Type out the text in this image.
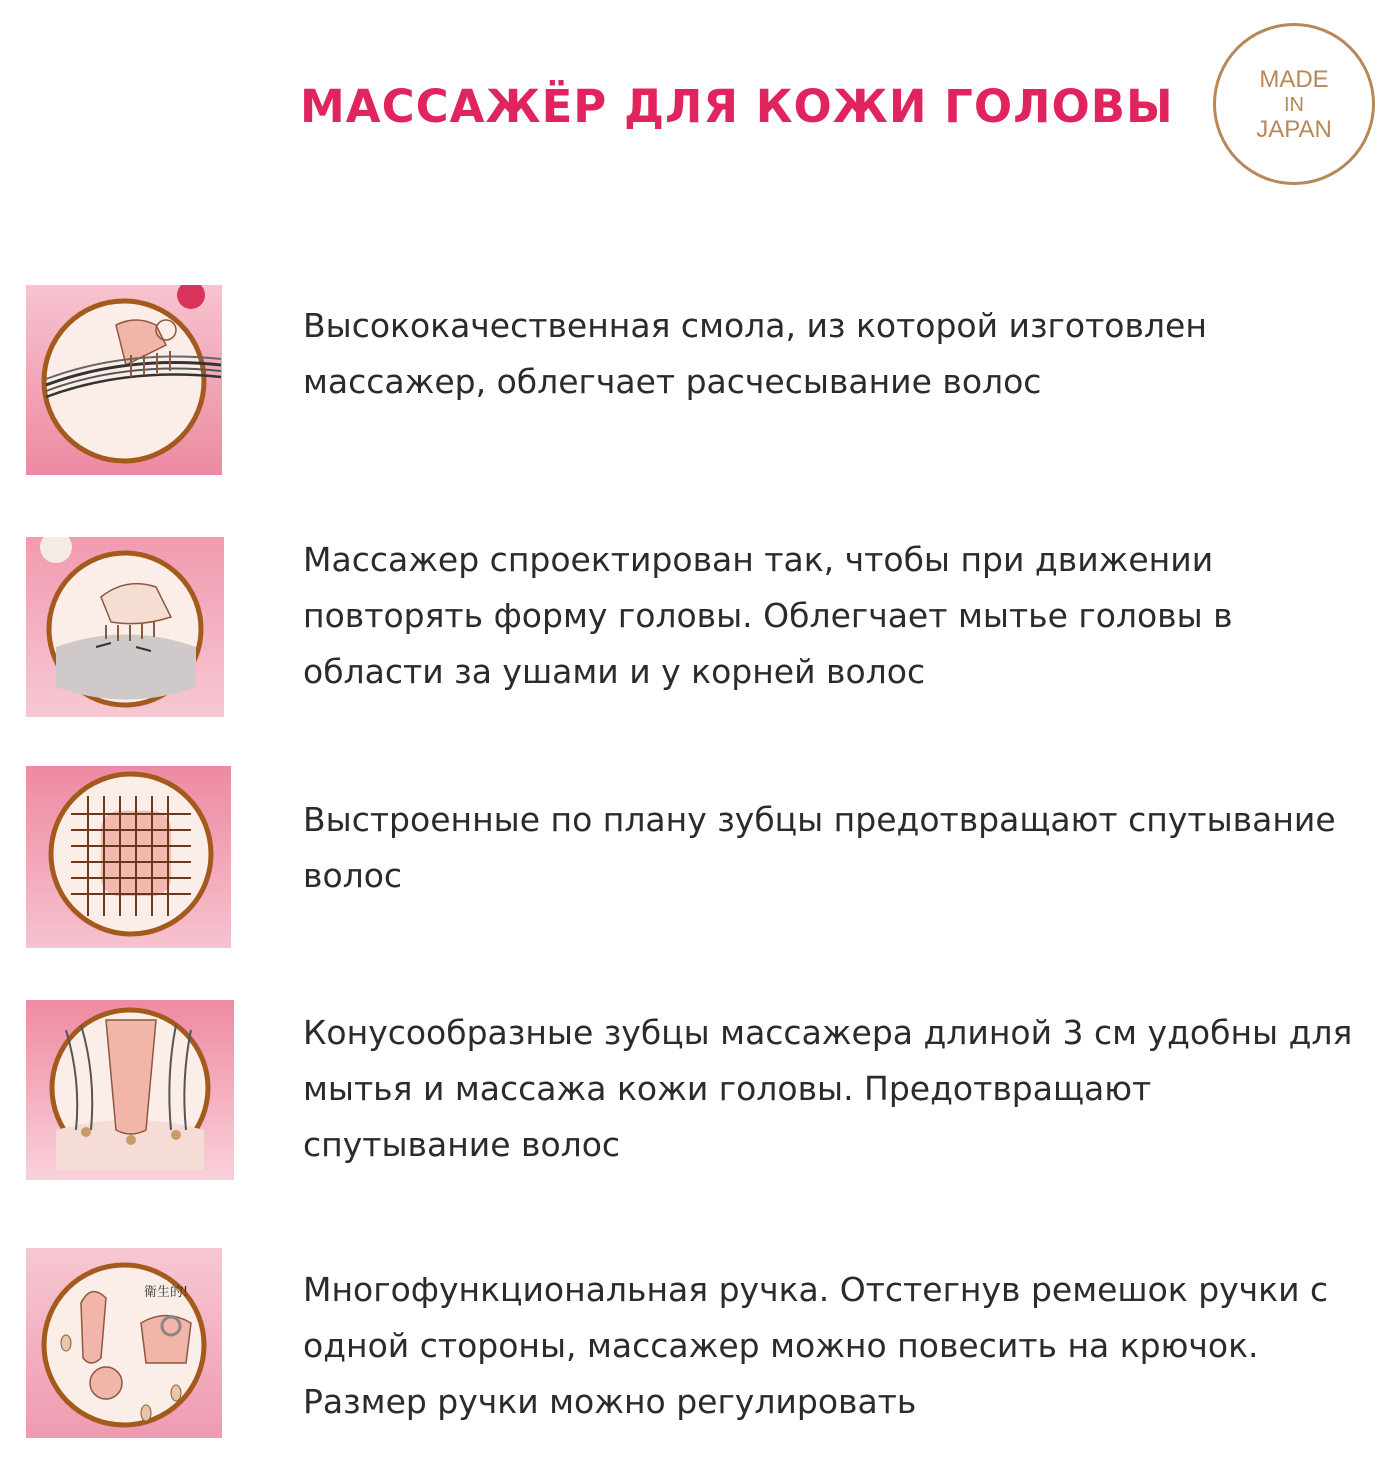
МАССАЖЁР ДЛЯ КОЖИ ГОЛОВЫ
MADE
IN
JAPAN

Высококачественная смола, из которой изготовлен массажер, облегчает расчесывание волос

Массажер спроектирован так, чтобы при движении повторять форму головы. Облегчает мытье головы в области за ушами и у корней волос

Выстроенные по плану зубцы предотвращают спутывание волос

Конусообразные зубцы массажера длиной 3 см удобны для мытья и массажа кожи головы. Предотвращают спутывание волос

衛生的!	Многофункциональная ручка. Отстегнув ремешок ручки с одной стороны, массажер можно повесить на крючок. Размер ручки можно регулировать
